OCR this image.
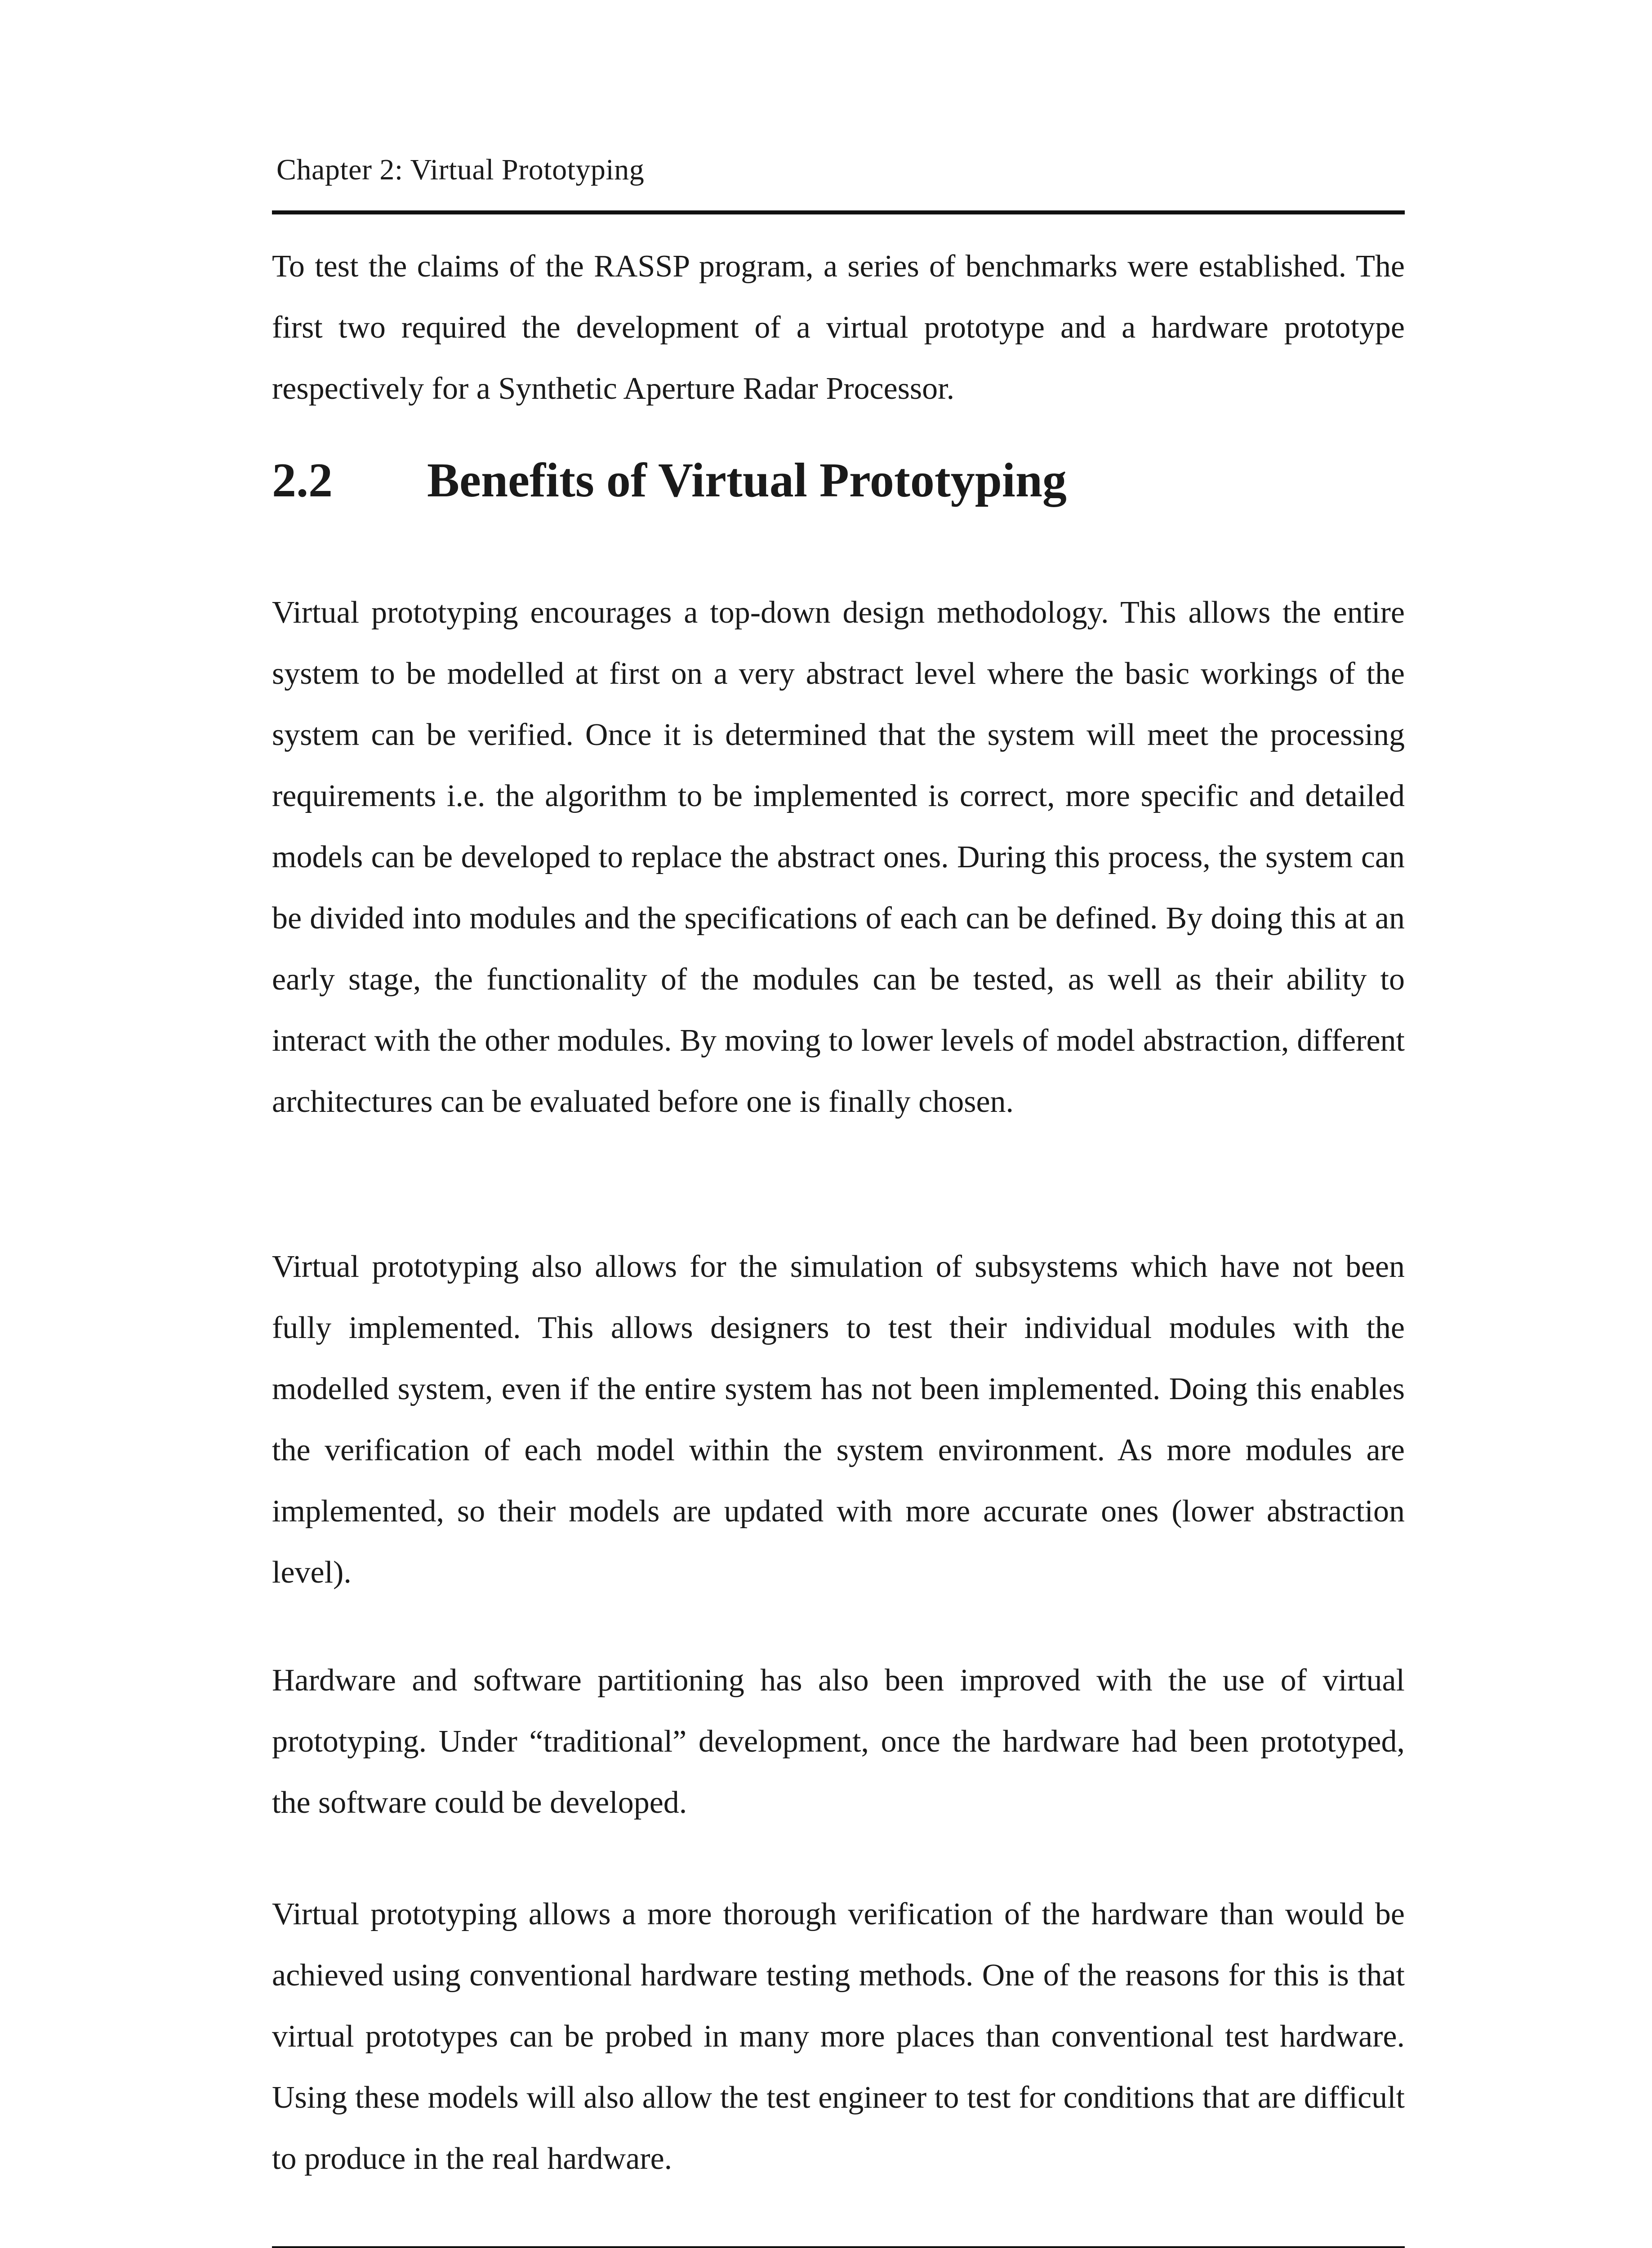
Chapter 2: Virtual Prototyping

To test the claims of the RASSP program, a series of benchmarks were established. The first two required the development of a virtual prototype and a hardware prototype respectively for a Synthetic Aperture Radar Processor.

2.2 Benefits of Virtual Prototyping

Virtual prototyping encourages a top-down design methodology. This allows the entire system to be modelled at first on a very abstract level where the basic workings of the system can be verified. Once it is determined that the system will meet the processing requirements i.e. the algorithm to be implemented is correct, more specific and detailed models can be developed to replace the abstract ones. During this process, the system can be divided into modules and the specifications of each can be defined. By doing this at an early stage, the functionality of the modules can be tested, as well as their ability to interact with the other modules. By moving to lower levels of model abstraction, different architectures can be evaluated before one is finally chosen.

Virtual prototyping also allows for the simulation of subsystems which have not been fully implemented. This allows designers to test their individual modules with the modelled system, even if the entire system has not been implemented. Doing this enables the verification of each model within the system environment. As more modules are implemented, so their models are updated with more accurate ones (lower abstraction level).

Hardware and software partitioning has also been improved with the use of virtual prototyping. Under “traditional” development, once the hardware had been prototyped, the software could be developed.

Virtual prototyping allows a more thorough verification of the hardware than would be achieved using conventional hardware testing methods. One of the reasons for this is that virtual prototypes can be probed in many more places than conventional test hardware. Using these models will also allow the test engineer to test for conditions that are difficult to produce in the real hardware.
